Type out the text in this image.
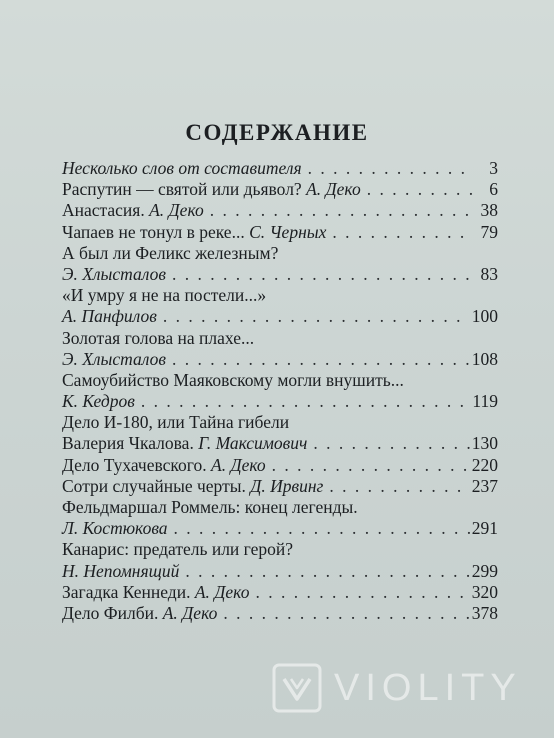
СОДЕРЖАНИЕ
Несколько слов от составителя . . .	3
Распутин — святой или дьявол? А. Деко . . .	6
Анастасия. А. Деко . . .	38
Чапаев не тонул в реке... С. Черных . . .	79
А был ли Феликс железным?
Э. Хлысталов . . .	83
«И умру я не на постели...»
А. Панфилов . . .	100
Золотая голова на плахе...
Э. Хлысталов . . .	108
Самоубийство Маяковскому могли внушить...
К. Кедров . . .	119
Дело И-180, или Тайна гибели
Валерия Чкалова. Г. Максимович . . .	130
Дело Тухачевского. А. Деко . . .	220
Сотри случайные черты. Д. Ирвинг . . .	237
Фельдмаршал Роммель: конец легенды.
Л. Костюкова . . .	291
Канарис: предатель или герой?
Н. Непомнящий . . .	299
Загадка Кеннеди. А. Деко . . .	320
Дело Филби. А. Деко . . .	378
VIOLITY
